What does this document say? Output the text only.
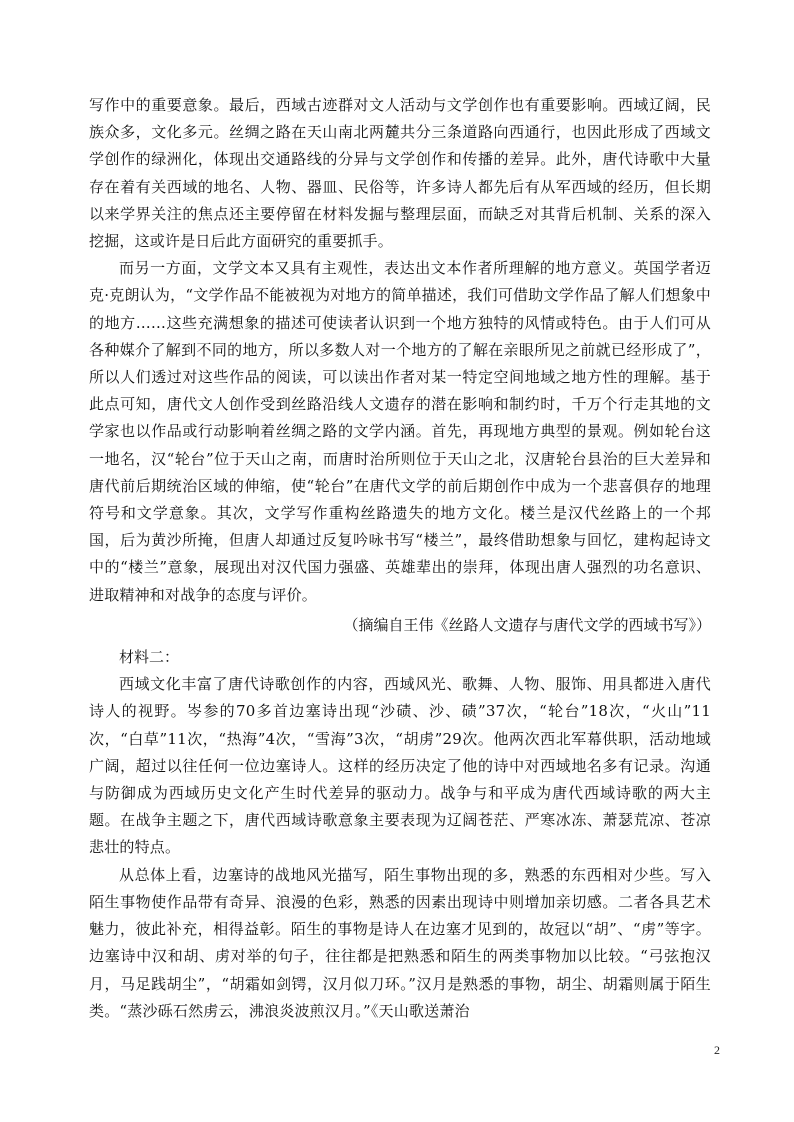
写作中的重要意象。最后，西域古迹群对文人活动与文学创作也有重要影响。西域辽阔，民族众多，文化多元。丝绸之路在天山南北两麓共分三条道路向西通行，也因此形成了西域文学创作的绿洲化，体现出交通路线的分异与文学创作和传播的差异。此外，唐代诗歌中大量存在着有关西域的地名、人物、器皿、民俗等，许多诗人都先后有从军西域的经历，但长期以来学界关注的焦点还主要停留在材料发掘与整理层面，而缺乏对其背后机制、关系的深入挖掘，这或许是日后此方面研究的重要抓手。

而另一方面，文学文本又具有主观性，表达出文本作者所理解的地方意义。英国学者迈克·克朗认为，“文学作品不能被视为对地方的简单描述，我们可借助文学作品了解人们想象中的地方……这些充满想象的描述可使读者认识到一个地方独特的风情或特色。由于人们可从各种媒介了解到不同的地方，所以多数人对一个地方的了解在亲眼所见之前就已经形成了”，所以人们透过对这些作品的阅读，可以读出作者对某一特定空间地域之地方性的理解。基于此点可知，唐代文人创作受到丝路沿线人文遗存的潜在影响和制约时，千万个行走其地的文学家也以作品或行动影响着丝绸之路的文学内涵。首先，再现地方典型的景观。例如轮台这一地名，汉“轮台”位于天山之南，而唐时治所则位于天山之北，汉唐轮台县治的巨大差异和唐代前后期统治区域的伸缩，使“轮台”在唐代文学的前后期创作中成为一个悲喜俱存的地理符号和文学意象。其次，文学写作重构丝路遗失的地方文化。楼兰是汉代丝路上的一个邦国，后为黄沙所掩，但唐人却通过反复吟咏书写“楼兰”，最终借助想象与回忆，建构起诗文中的“楼兰”意象，展现出对汉代国力强盛、英雄辈出的崇拜，体现出唐人强烈的功名意识、进取精神和对战争的态度与评价。

（摘编自王伟《丝路人文遗存与唐代文学的西域书写》）

材料二：

西域文化丰富了唐代诗歌创作的内容，西域风光、歌舞、人物、服饰、用具都进入唐代诗人的视野。岑参的70多首边塞诗出现“沙碛、沙、碛”37次，“轮台”18次，“火山”11次，“白草”11次，“热海”4次，“雪海”3次，“胡虏”29次。他两次西北军幕供职，活动地域广阔，超过以往任何一位边塞诗人。这样的经历决定了他的诗中对西域地名多有记录。沟通与防御成为西域历史文化产生时代差异的驱动力。战争与和平成为唐代西域诗歌的两大主题。在战争主题之下，唐代西域诗歌意象主要表现为辽阔苍茫、严寒冰冻、萧瑟荒凉、苍凉悲壮的特点。

从总体上看，边塞诗的战地风光描写，陌生事物出现的多，熟悉的东西相对少些。写入陌生事物使作品带有奇异、浪漫的色彩，熟悉的因素出现诗中则增加亲切感。二者各具艺术魅力，彼此补充，相得益彰。陌生的事物是诗人在边塞才见到的，故冠以“胡”、“虏”等字。边塞诗中汉和胡、虏对举的句子，往往都是把熟悉和陌生的两类事物加以比较。“弓弦抱汉月，马足践胡尘”，“胡霜如剑锷，汉月似刀环。”汉月是熟悉的事物，胡尘、胡霜则属于陌生类。“蒸沙砾石然虏云，沸浪炎波煎汉月。”《天山歌送萧治

2
